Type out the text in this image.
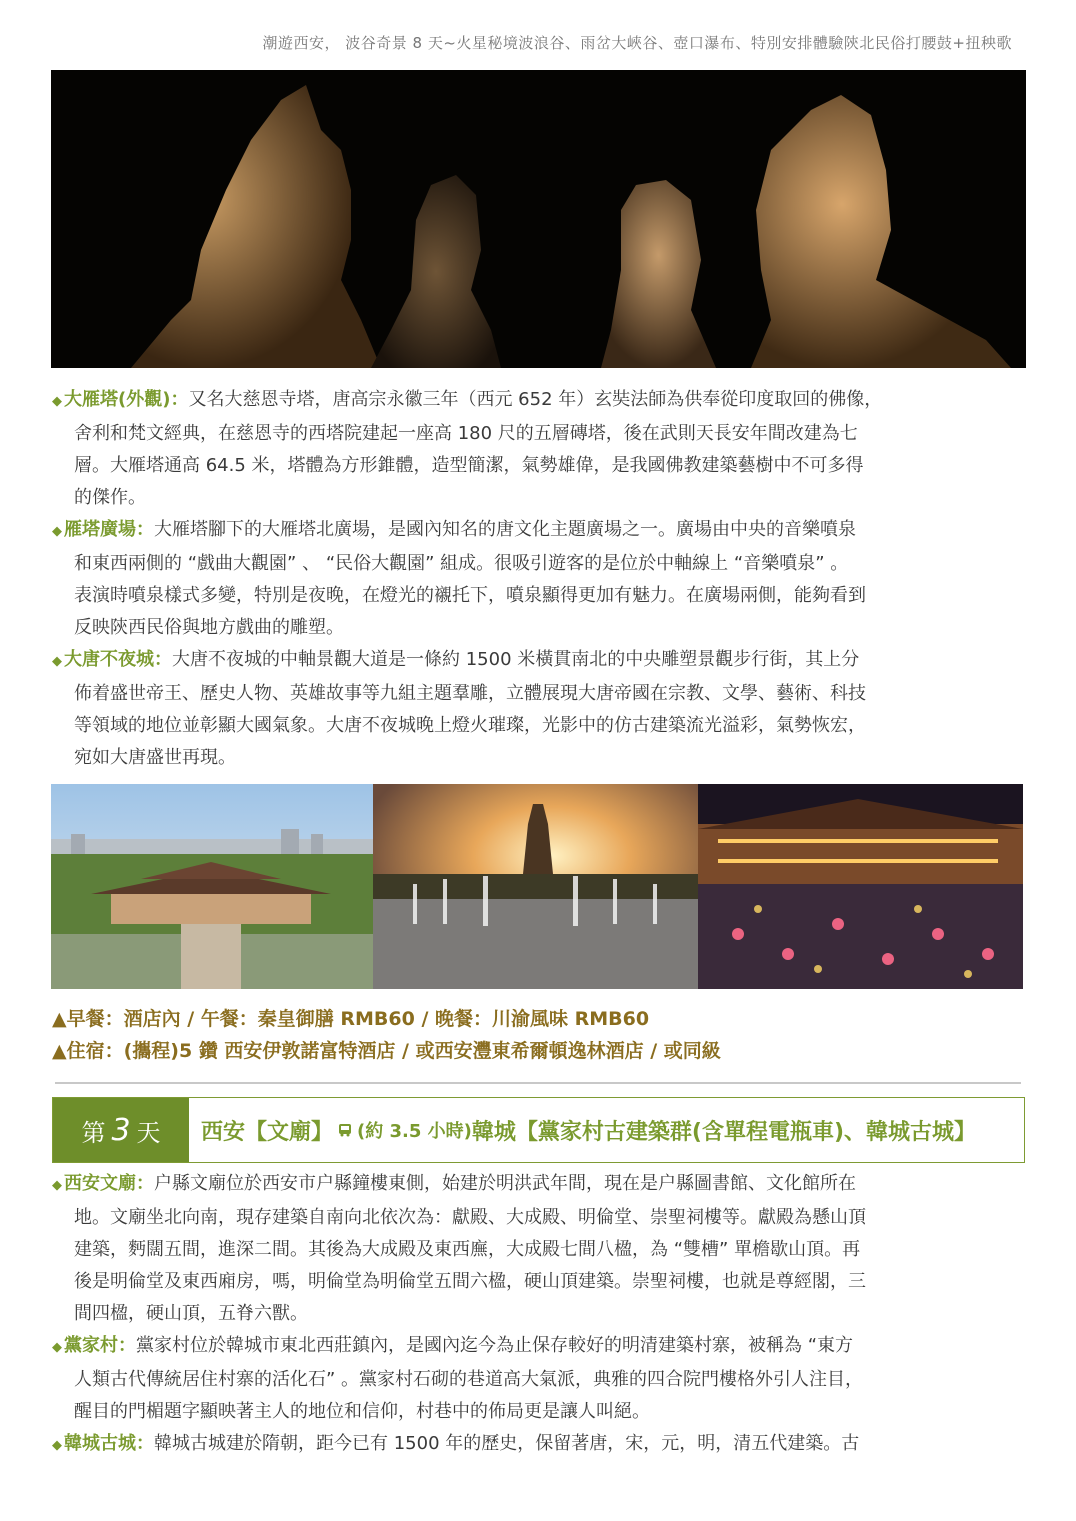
潮遊西安， 波谷奇景 8 天~火星秘境波浪谷、雨岔大峽谷、壺口瀑布、特別安排體驗陝北民俗打腰鼓+扭秧歌
◆ 大雁塔(外觀)：又名大慈恩寺塔，唐高宗永徽三年（西元 652 年）玄奘法師為供奉從印度取回的佛像，
舍利和梵文經典，在慈恩寺的西塔院建起一座高 180 尺的五層磚塔，後在武則天長安年間改建為七
層。大雁塔通高 64.5 米，塔體為方形錐體，造型簡潔，氣勢雄偉，是我國佛教建築藝樹中不可多得
的傑作。
◆ 雁塔廣場：大雁塔腳下的大雁塔北廣場，是國內知名的唐文化主題廣場之一。廣場由中央的音樂噴泉
和東西兩側的 “戲曲大觀園” 、 “民俗大觀園” 組成。很吸引遊客的是位於中軸線上 “音樂噴泉” 。
表演時噴泉樣式多變，特別是夜晚，在燈光的襯托下，噴泉顯得更加有魅力。在廣場兩側，能夠看到
反映陝西民俗與地方戲曲的雕塑。
◆ 大唐不夜城：大唐不夜城的中軸景觀大道是一條約 1500 米橫貫南北的中央雕塑景觀步行街，其上分
佈着盛世帝王、歷史人物、英雄故事等九組主題羣雕，立體展現大唐帝國在宗教、文學、藝術、科技
等領域的地位並彰顯大國氣象。大唐不夜城晚上燈火璀璨，光影中的仿古建築流光溢彩，氣勢恢宏，
宛如大唐盛世再現。
▲早餐：酒店內 / 午餐：秦皇御膳 RMB60 / 晚餐：川渝風味 RMB60
▲住宿：(攜程)5 鑽 西安伊敦諾富特酒店 / 或西安灃東希爾頓逸林酒店 / 或同級
第 3 天 西安【文廟】 (約 3.5 小時) 韓城【黨家村古建築群(含單程電瓶車)、韓城古城】
◆ 西安文廟：户縣文廟位於西安市户縣鐘樓東側，始建於明洪武年間，現在是户縣圖書館、文化館所在
地。文廟坐北向南，現存建築自南向北依次為：獻殿、大成殿、明倫堂、崇聖祠樓等。獻殿為懸山頂
建築，麪闊五間，進深二間。其後為大成殿及東西廡，大成殿七間八楹，為 “雙槽” 單檐歇山頂。再
後是明倫堂及東西廂房，嗎，明倫堂為明倫堂五間六楹，硬山頂建築。崇聖祠樓，也就是尊經閣，三
間四楹，硬山頂，五脊六獸。
◆ 黨家村：黨家村位於韓城市東北西莊鎮內，是國內迄今為止保存較好的明清建築村寨，被稱為 “東方
人類古代傳統居住村寨的活化石” 。黨家村石砌的巷道高大氣派，典雅的四合院門樓格外引人注目，
醒目的門楣題字顯映著主人的地位和信仰，村巷中的佈局更是讓人叫絕。
◆ 韓城古城：韓城古城建於隋朝，距今已有 1500 年的歷史，保留著唐，宋，元，明，清五代建築。古
